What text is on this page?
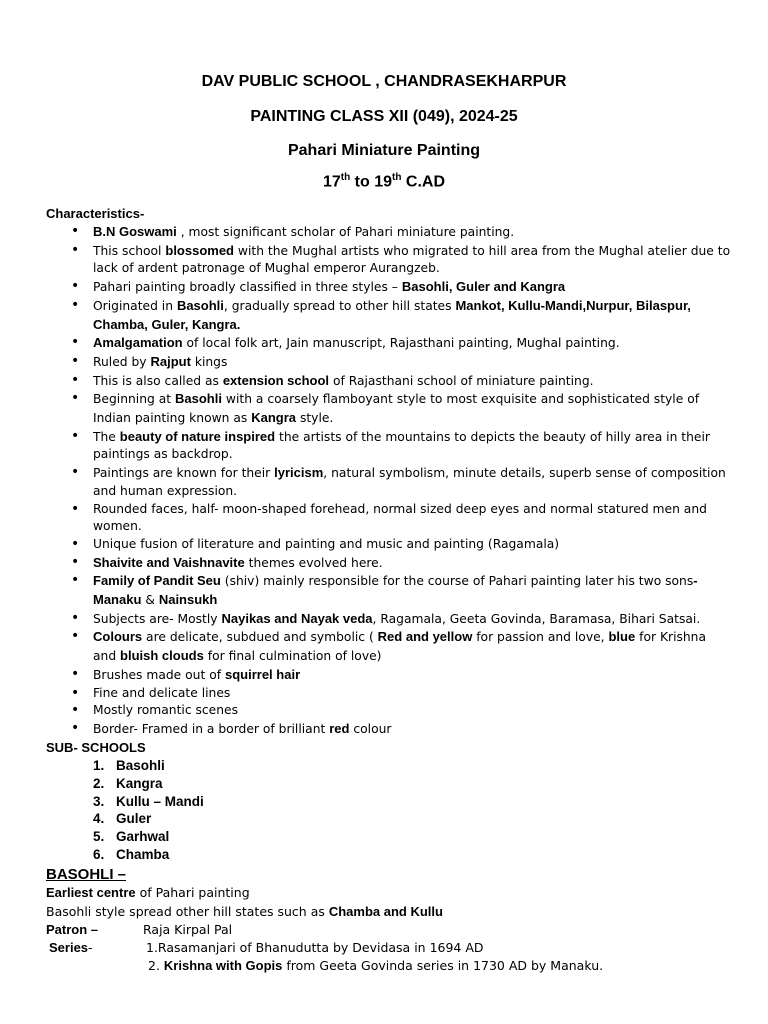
DAV PUBLIC SCHOOL , CHANDRASEKHARPUR
PAINTING CLASS XII (049), 2024-25
Pahari Miniature Painting
17th to 19th C.AD
Characteristics-
• B.N Goswami , most significant scholar of Pahari miniature painting.
• This school blossomed with the Mughal artists who migrated to hill area from the Mughal atelier due to lack of ardent patronage of Mughal emperor Aurangzeb.
• Pahari painting broadly classified in three styles – Basohli, Guler and Kangra
• Originated in Basohli, gradually spread to other hill states Mankot, Kullu-Mandi,Nurpur, Bilaspur, Chamba, Guler, Kangra.
• Amalgamation of local folk art, Jain manuscript, Rajasthani painting, Mughal painting.
• Ruled by Rajput kings
• This is also called as extension school of Rajasthani school of miniature painting.
• Beginning at Basohli with a coarsely flamboyant style to most exquisite and sophisticated style of Indian painting known as Kangra style.
• The beauty of nature inspired the artists of the mountains to depicts the beauty of hilly area in their paintings as backdrop.
• Paintings are known for their lyricism, natural symbolism, minute details, superb sense of composition and human expression.
• Rounded faces, half- moon-shaped forehead, normal sized deep eyes and normal statured men and women.
• Unique fusion of literature and painting and music and painting (Ragamala)
• Shaivite and Vaishnavite themes evolved here.
• Family of Pandit Seu (shiv) mainly responsible for the course of Pahari painting later his two sons- Manaku & Nainsukh
• Subjects are- Mostly Nayikas and Nayak veda, Ragamala, Geeta Govinda, Baramasa, Bihari Satsai.
• Colours are delicate, subdued and symbolic ( Red and yellow for passion and love, blue for Krishna and bluish clouds for final culmination of love)
• Brushes made out of squirrel hair
• Fine and delicate lines
• Mostly romantic scenes
• Border- Framed in a border of brilliant red colour
SUB- SCHOOLS
1. Basohli
2. Kangra
3. Kullu – Mandi
4. Guler
5. Garhwal
6. Chamba
BASOHLI –
Earliest centre of Pahari painting
Basohli style spread other hill states such as Chamba and Kullu
Patron –	Raja Kirpal Pal
Series-	1.Rasamanjari of Bhanudutta by Devidasa in 1694 AD
2. Krishna with Gopis from Geeta Govinda series in 1730 AD by Manaku.
